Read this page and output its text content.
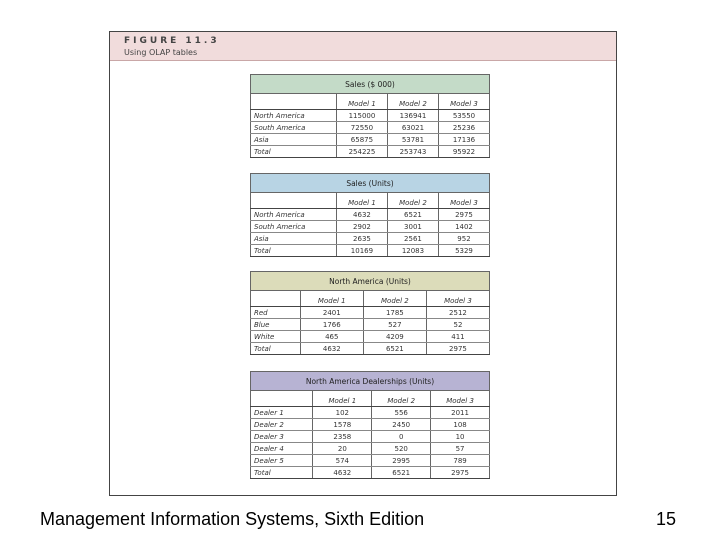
FIGURE 11.3
Using OLAP tables
Sales ($ 000)			

	Model 1	Model 2	Model 3
North America	115000	136941	53550
South America	72550	63021	25236
Asia	65875	53781	17136
Total	254225	253743	95922
Sales (Units)			

	Model 1	Model 2	Model 3
North America	4632	6521	2975
South America	2902	3001	1402
Asia	2635	2561	952
Total	10169	12083	5329
North America (Units)			

	Model 1	Model 2	Model 3
Red	2401	1785	2512
Blue	1766	527	52
White	465	4209	411
Total	4632	6521	2975
North America Dealerships (Units)			

	Model 1	Model 2	Model 3
Dealer 1	102	556	2011
Dealer 2	1578	2450	108
Dealer 3	2358	0	10
Dealer 4	20	520	57
Dealer 5	574	2995	789
Total	4632	6521	2975
Management Information Systems, Sixth Edition	15
